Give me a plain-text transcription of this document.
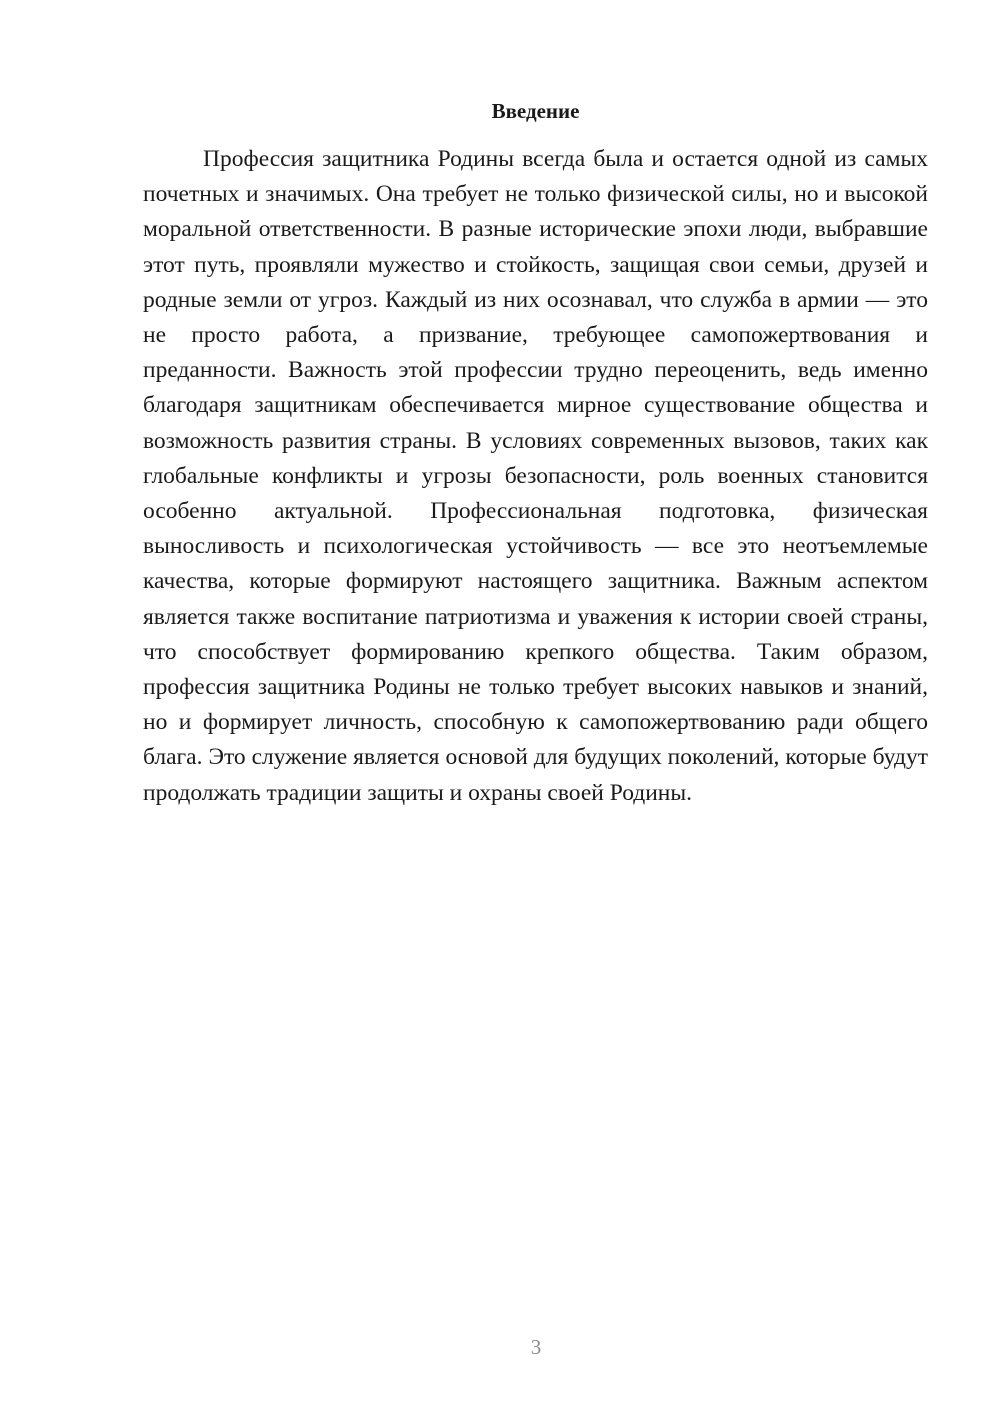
Введение

Профессия защитника Родины всегда была и остается одной из самых почетных и значимых. Она требует не только физической силы, но и высокой моральной ответственности. В разные исторические эпохи люди, выбравшие этот путь, проявляли мужество и стойкость, защищая свои семьи, друзей и родные земли от угроз. Каждый из них осознавал, что служба в армии — это не просто работа, а призвание, требующее самопожертвования и преданности. Важность этой профессии трудно переоценить, ведь именно благодаря защитникам обеспечивается мирное существование общества и возможность развития страны. В условиях современных вызовов, таких как глобальные конфликты и угрозы безопасности, роль военных становится особенно актуальной. Профессиональная подготовка, физическая выносливость и психологическая устойчивость — все это неотъемлемые качества, которые формируют настоящего защитника. Важным аспектом является также воспитание патриотизма и уважения к истории своей страны, что способствует формированию крепкого общества. Таким образом, профессия защитника Родины не только требует высоких навыков и знаний, но и формирует личность, способную к самопожертвованию ради общего блага. Это служение является основой для будущих поколений, которые будут продолжать традиции защиты и охраны своей Родины.

3
